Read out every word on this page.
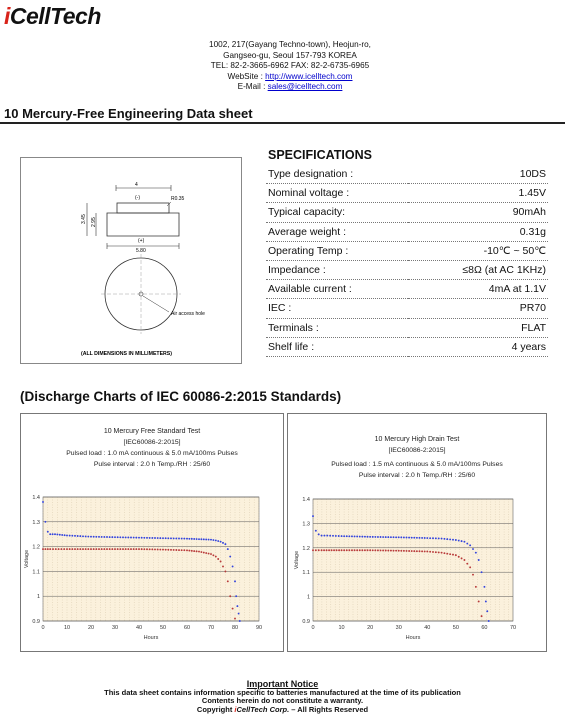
iCellTech
1002, 217(Gayang Techno-town), Heojun-ro,
Gangseo-gu, Seoul 157-793 KOREA
TEL: 82-2-3665-6962 FAX: 82-2-6735-6965
WebSite : http://www.icelltech.com
E-Mail : sales@icelltech.com
10 Mercury-Free Engineering Data sheet
4
(-)	R0.35
3.45 2.95
(+)
5.80
Air access hole
(ALL DIMENSIONS IN MILLIMETERS)
SPECIFICATIONS
Type designation :	10DS
Nominal voltage :	1.45V
Typical capacity:	90mAh
Average weight :	0.31g
Operating Temp :	-10℃ ~ 50℃
Impedance :	≤8Ω (at AC 1KHz)
Available current :	4mA at 1.1V
IEC :	PR70
Terminals :	FLAT
Shelf life :	4 years
(Discharge Charts of IEC 60086-2:2015 Standards)
10 Mercury Free Standard Test
[IEC60086-2:2015]
Pulsed load : 1.0 mA continuous & 5.0 mA/100ms Pulses
Pulse interval : 2.0 h Temp./RH : 25/60
0.9
1
1.1
1.2
1.3
1.4
0	10	20	30	40	50	60	70	80	90
Hours
Voltage
10 Mercury High Drain Test
[IEC60086-2:2015]
Pulsed load : 1.5 mA continuous & 5.0 mA/100ms Pulses
Pulse interval : 2.0 h Temp./RH : 25/60
0.9
1
1.1
1.2
1.3
1.4
0	10	20	30	40	50	60	70
Hours
Voltage
Important Notice
This data sheet contains information specific to batteries manufactured at the time of its publication
Contents herein do not constitute a warranty.
Copyright iCellTech Corp. – All Rights Reserved
